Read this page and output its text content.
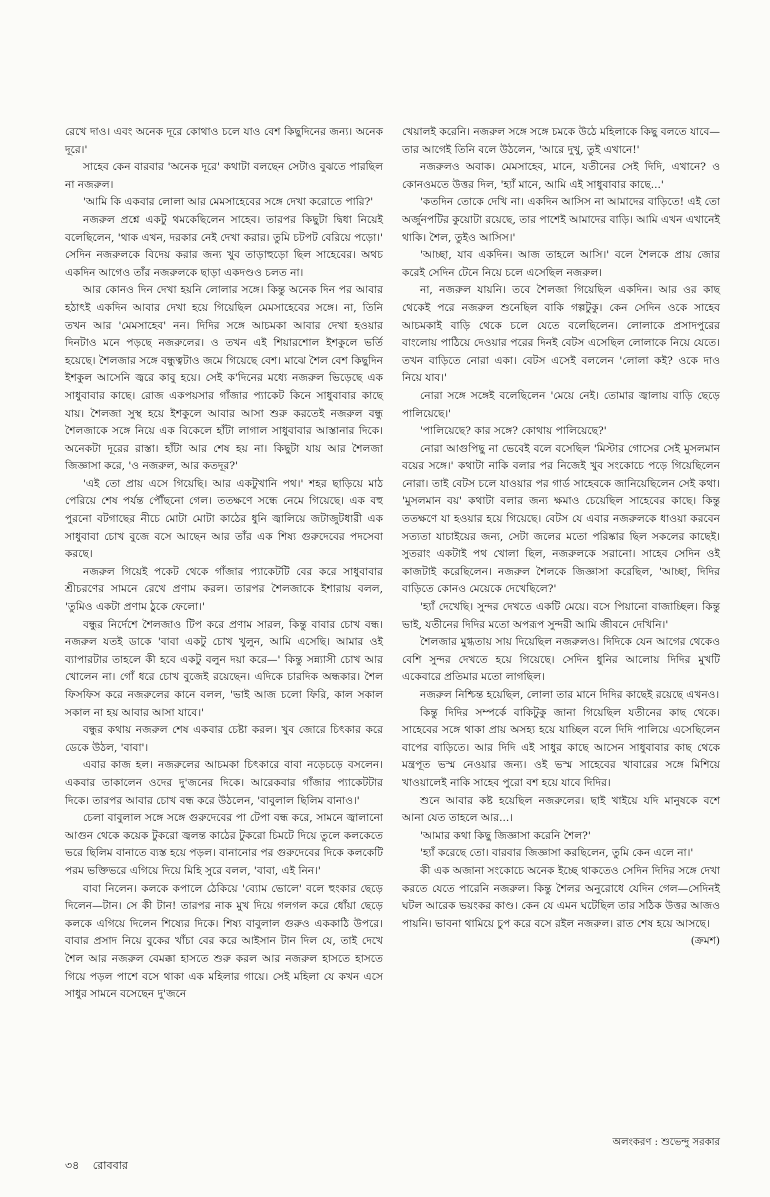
রেখে দাও। এবং অনেক দূরে কোথাও চলে যাও বেশ কিছুদিনের জন্য। অনেক দূরে।'

সাহেব কেন বারবার 'অনেক দূরে' কথাটা বলছেন সেটাও বুঝতে পারছিল না নজরুল।

'আমি কি একবার লোলা আর মেমসাহেবের সঙ্গে দেখা করোতে পারি?'

নজরুল প্রশ্নে একটু থমকেছিলেন সাহেব। তারপর কিছুটা দ্বিধা নিয়েই বলেছিলেন, 'থাক এখন, দরকার নেই দেখা করার। তুমি চটপট বেরিয়ে পড়ো।' সেদিন নজরুলকে বিদেয় করার জন্য খুব তাড়াহুড়ো ছিল সাহেবের। অথচ একদিন আগেও তাঁর নজরুলকে ছাড়া একদণ্ডও চলত না।

আর কোনও দিন দেখা হয়নি লোলার সঙ্গে। কিন্তু অনেক দিন পর আবার হঠাৎই একদিন আবার দেখা হয়ে গিয়েছিল মেমসাহেবের সঙ্গে। না, তিনি তখন আর 'মেমসাহেব' নন। দিদির সঙ্গে আচমকা আবার দেখা হওয়ার দিনটাও মনে পড়ছে নজরুলের। ও তখন এই শিয়ারশোল ইশকুলে ভর্তি হয়েছে। শৈলজার সঙ্গে বন্ধুত্বটাও জমে গিয়েছে বেশ। মাঝে শৈল বেশ কিছুদিন ইশকুল আসেনি জ্বরে কাবু হয়ে। সেই ক'দিনের মধ্যে নজরুল ভিড়েছে এক সাধুবাবার কাছে। রোজ একপয়সার গাঁজার প্যাকেট কিনে সাধুবাবার কাছে যায়। শৈলজা সুস্থ হয়ে ইশকুলে আবার আসা শুরু করতেই নজরুল বন্ধু শৈলজাকে সঙ্গে নিয়ে এক বিকেলে হাঁটা লাগাল সাধুবাবার আস্তানার দিকে। অনেকটা দূরের রাস্তা। হাঁটা আর শেষ হয় না। কিছুটা যায় আর শৈলজা জিজ্ঞাসা করে, 'ও নজরুল, আর কতদূর?'

'এই তো প্রায় এসে গিয়েছি। আর একটুখানি পথ।' শহর ছাড়িয়ে মাঠ পেরিয়ে শেষ পর্যন্ত পৌঁছনো গেল। ততক্ষণে সন্ধে নেমে গিয়েছে। এক বহু পুরনো বটগাছের নীচে মোটা মোটা কাঠের ধুনি জ্বালিয়ে জটাজুটধারী এক সাধুবাবা চোখ বুজে বসে আছেন আর তাঁর এক শিষ্য গুরুদেবের পদসেবা করছে।

নজরুল গিয়েই পকেট থেকে গাঁজার প্যাকেটটি বের করে সাধুবাবার শ্রীচরণের সামনে রেখে প্রণাম করল। তারপর শৈলজাকে ইশারায় বলল, 'তুমিও একটা প্রণাম ঠুকে ফেলো।'

বন্ধুর নির্দেশে শৈলজাও টিপ করে প্রণাম সারল, কিন্তু বাবার চোখ বন্ধ। নজরুল যতই ডাকে 'বাবা একটু চোখ খুলুন, আমি এসেছি। আমার ওই ব্যাপারটার তাহলে কী হবে একটু বলুন দয়া করে—' কিন্তু সন্ন্যাসী চোখ আর খোলেন না। গোঁ ধরে চোখ বুজেই রয়েছেন। এদিকে চারদিক অন্ধকার। শৈল ফিসফিস করে নজরুলের কানে বলল, 'ভাই আজ চলো ফিরি, কাল সকাল সকাল না হয় আবার আসা যাবে।'

বন্ধুর কথায় নজরুল শেষ একবার চেষ্টা করল। খুব জোরে চিৎকার করে ডেকে উঠল, 'বাবা'।

এবার কাজ হল। নজরুলের আচমকা চিৎকারে বাবা নড়েচড়ে বসলেন। একবার তাকালেন ওদের দু'জনের দিকে। আরেকবার গাঁজার প্যাকেটটার দিকে। তারপর আবার চোখ বন্ধ করে উঠলেন, 'বাবুলাল ছিলিম বানাও।'

চেলা বাবুলাল সঙ্গে সঙ্গে গুরুদেবের পা টেপা বন্ধ করে, সামনে জ্বালানো আগুন থেকে কয়েক টুকরো জ্বলন্ত কাঠের টুকরো চিমটে দিয়ে তুলে কলকেতে ভরে ছিলিম বানাতে ব্যস্ত হয়ে পড়ল। বানানোর পর গুরুদেবের দিকে কলকেটি পরম ভক্তিভরে এগিয়ে দিয়ে মিহি সুরে বলল, 'বাবা, এই নিন।'

বাবা নিলেন। কলকে কপালে ঠেকিয়ে 'ব্যোম ভোলে' বলে হুংকার ছেড়ে দিলেন—টান। সে কী টান! তারপর নাক মুখ দিয়ে গলগল করে ধোঁয়া ছেড়ে কলকে এগিয়ে দিলেন শিষ্যের দিকে। শিষ্য বাবুলাল গুরুও এককাঠি উপরে। বাবার প্রসাদ নিয়ে বুকের খাঁচা বের করে আইসান টান দিল যে, তাই দেখে শৈল আর নজরুল বেমক্কা হাসতে শুরু করল আর নজরুল হাসতে হাসতে গিয়ে পড়ল পাশে বসে থাকা এক মহিলার গায়ে। সেই মহিলা যে কখন এসে সাধুর সামনে বসেছেন দু'জনে

খেয়ালই করেনি। নজরুল সঙ্গে সঙ্গে চমকে উঠে মহিলাকে কিছু বলতে যাবে—তার আগেই তিনি বলে উঠলেন, 'আরে দুখু, তুই এখানে!'

নজরুলও অবাক। মেমসাহেব, মানে, যতীনের সেই দিদি, এখানে? ও কোনওমতে উত্তর দিল, 'হ্যাঁ মানে, আমি এই সাধুবাবার কাছে...'

'কতদিন তোকে দেখি না। একদিন আসিস না আমাদের বাড়িতে! এই তো অর্জুনপটির কুয়োটা রয়েছে, তার পাশেই আমাদের বাড়ি। আমি এখন এখানেই থাকি। শৈল, তুইও আসিস।'

'আচ্ছা, যাব একদিন। আজ তাহলে আসি।' বলে শৈলকে প্রায় জোর করেই সেদিন টেনে নিয়ে চলে এসেছিল নজরুল।

না, নজরুল যায়নি। তবে শৈলজা গিয়েছিল একদিন। আর ওর কাছ থেকেই পরে নজরুল শুনেছিল বাকি গল্পটুকু। কেন সেদিন ওকে সাহেব আচমকাই বাড়ি থেকে চলে যেতে বলেছিলেন। লোলাকে প্রসাদপুরের বাংলোয় পাঠিয়ে দেওয়ার পরের দিনই বেটস এসেছিল লোলাকে নিয়ে যেতে। তখন বাড়িতে নোরা একা। বেটস এসেই বললেন 'লোলা কই? ওকে দাও নিয়ে যাব।'

নোরা সঙ্গে সঙ্গেই বলেছিলেন 'মেয়ে নেই। তোমার জ্বালায় বাড়ি ছেড়ে পালিয়েছে।'

'পালিয়েছে? কার সঙ্গে? কোথায় পালিয়েছে?'

নোরা আগুপিছু না ভেবেই বলে বসেছিল 'মিস্টার গোসের সেই মুসলমান বয়ের সঙ্গে।' কথাটা নাকি বলার পর নিজেই খুব সংকোচে পড়ে গিয়েছিলেন নোরা। তাই বেটস চলে যাওয়ার পর গার্ড সাহেবকে জানিয়েছিলেন সেই কথা। 'মুসলমান বয়' কথাটা বলার জন্য ক্ষমাও চেয়েছিল সাহেবের কাছে। কিন্তু ততক্ষণে যা হওয়ার হয়ে গিয়েছে। বেটস যে এবার নজরুলকে ধাওয়া করবেন সত্যতা যাচাইয়ের জন্য, সেটা জলের মতো পরিষ্কার ছিল সকলের কাছেই। সুতরাং একটাই পথ খোলা ছিল, নজরুলকে সরানো। সাহেব সেদিন ওই কাজটাই করেছিলেন। নজরুল শৈলকে জিজ্ঞাসা করেছিল, 'আচ্ছা, দিদির বাড়িতে কোনও মেয়েকে দেখেছিলে?'

'হ্যাঁ দেখেছি। সুন্দর দেখতে একটি মেয়ে। বসে পিয়ানো বাজাচ্ছিল। কিন্তু ভাই, যতীনের দিদির মতো অপরূপ সুন্দরী আমি জীবনে দেখিনি।'

শৈলজার মুগ্ধতায় সায় দিয়েছিল নজরুলও। দিদিকে যেন আগের থেকেও বেশি সুন্দর দেখতে হয়ে গিয়েছে। সেদিন ধুনির আলোয় দিদির মুখটি একেবারে প্রতিমার মতো লাগছিল।

নজরুল নিশ্চিন্ত হয়েছিল, লোলা তার মানে দিদির কাছেই রয়েছে এখনও।

কিন্তু দিদির সম্পর্কে বাকিটুকু জানা গিয়েছিল যতীনের কাছ থেকে। সাহেবের সঙ্গে থাকা প্রায় অসহ্য হয়ে যাচ্ছিল বলে দিদি পালিয়ে এসেছিলেন বাপের বাড়িতে। আর দিদি এই সাধুর কাছে আসেন সাধুবাবার কাছ থেকে মন্ত্রপূত ভস্ম নেওয়ার জন্য। ওই ভস্ম সাহেবের খাবারের সঙ্গে মিশিয়ে খাওয়ালেই নাকি সাহেব পুরো বশ হয়ে যাবে দিদির।

শুনে আবার কষ্ট হয়েছিল নজরুলের। ছাই খাইয়ে যদি মানুষকে বশে আনা যেত তাহলে আর...।

'আমার কথা কিছু জিজ্ঞাসা করেনি শৈল?'

'হ্যাঁ করেছে তো। বারবার জিজ্ঞাসা করছিলেন, তুমি কেন এলে না।'

কী এক অজানা সংকোচে অনেক ইচ্ছে থাকতেও সেদিন দিদির সঙ্গে দেখা করতে যেতে পারেনি নজরুল। কিন্তু শৈলর অনুরোধে যেদিন গেল—সেদিনই ঘটল আরেক ভয়ংকর কাণ্ড। কেন যে এমন ঘটেছিল তার সঠিক উত্তর আজও পায়নি। ভাবনা থামিয়ে চুপ করে বসে রইল নজরুল। রাত শেষ হয়ে আসছে।

(ক্রমশ)

অলংকরণ : শুভেন্দু সরকার
৩৪ রোববার
